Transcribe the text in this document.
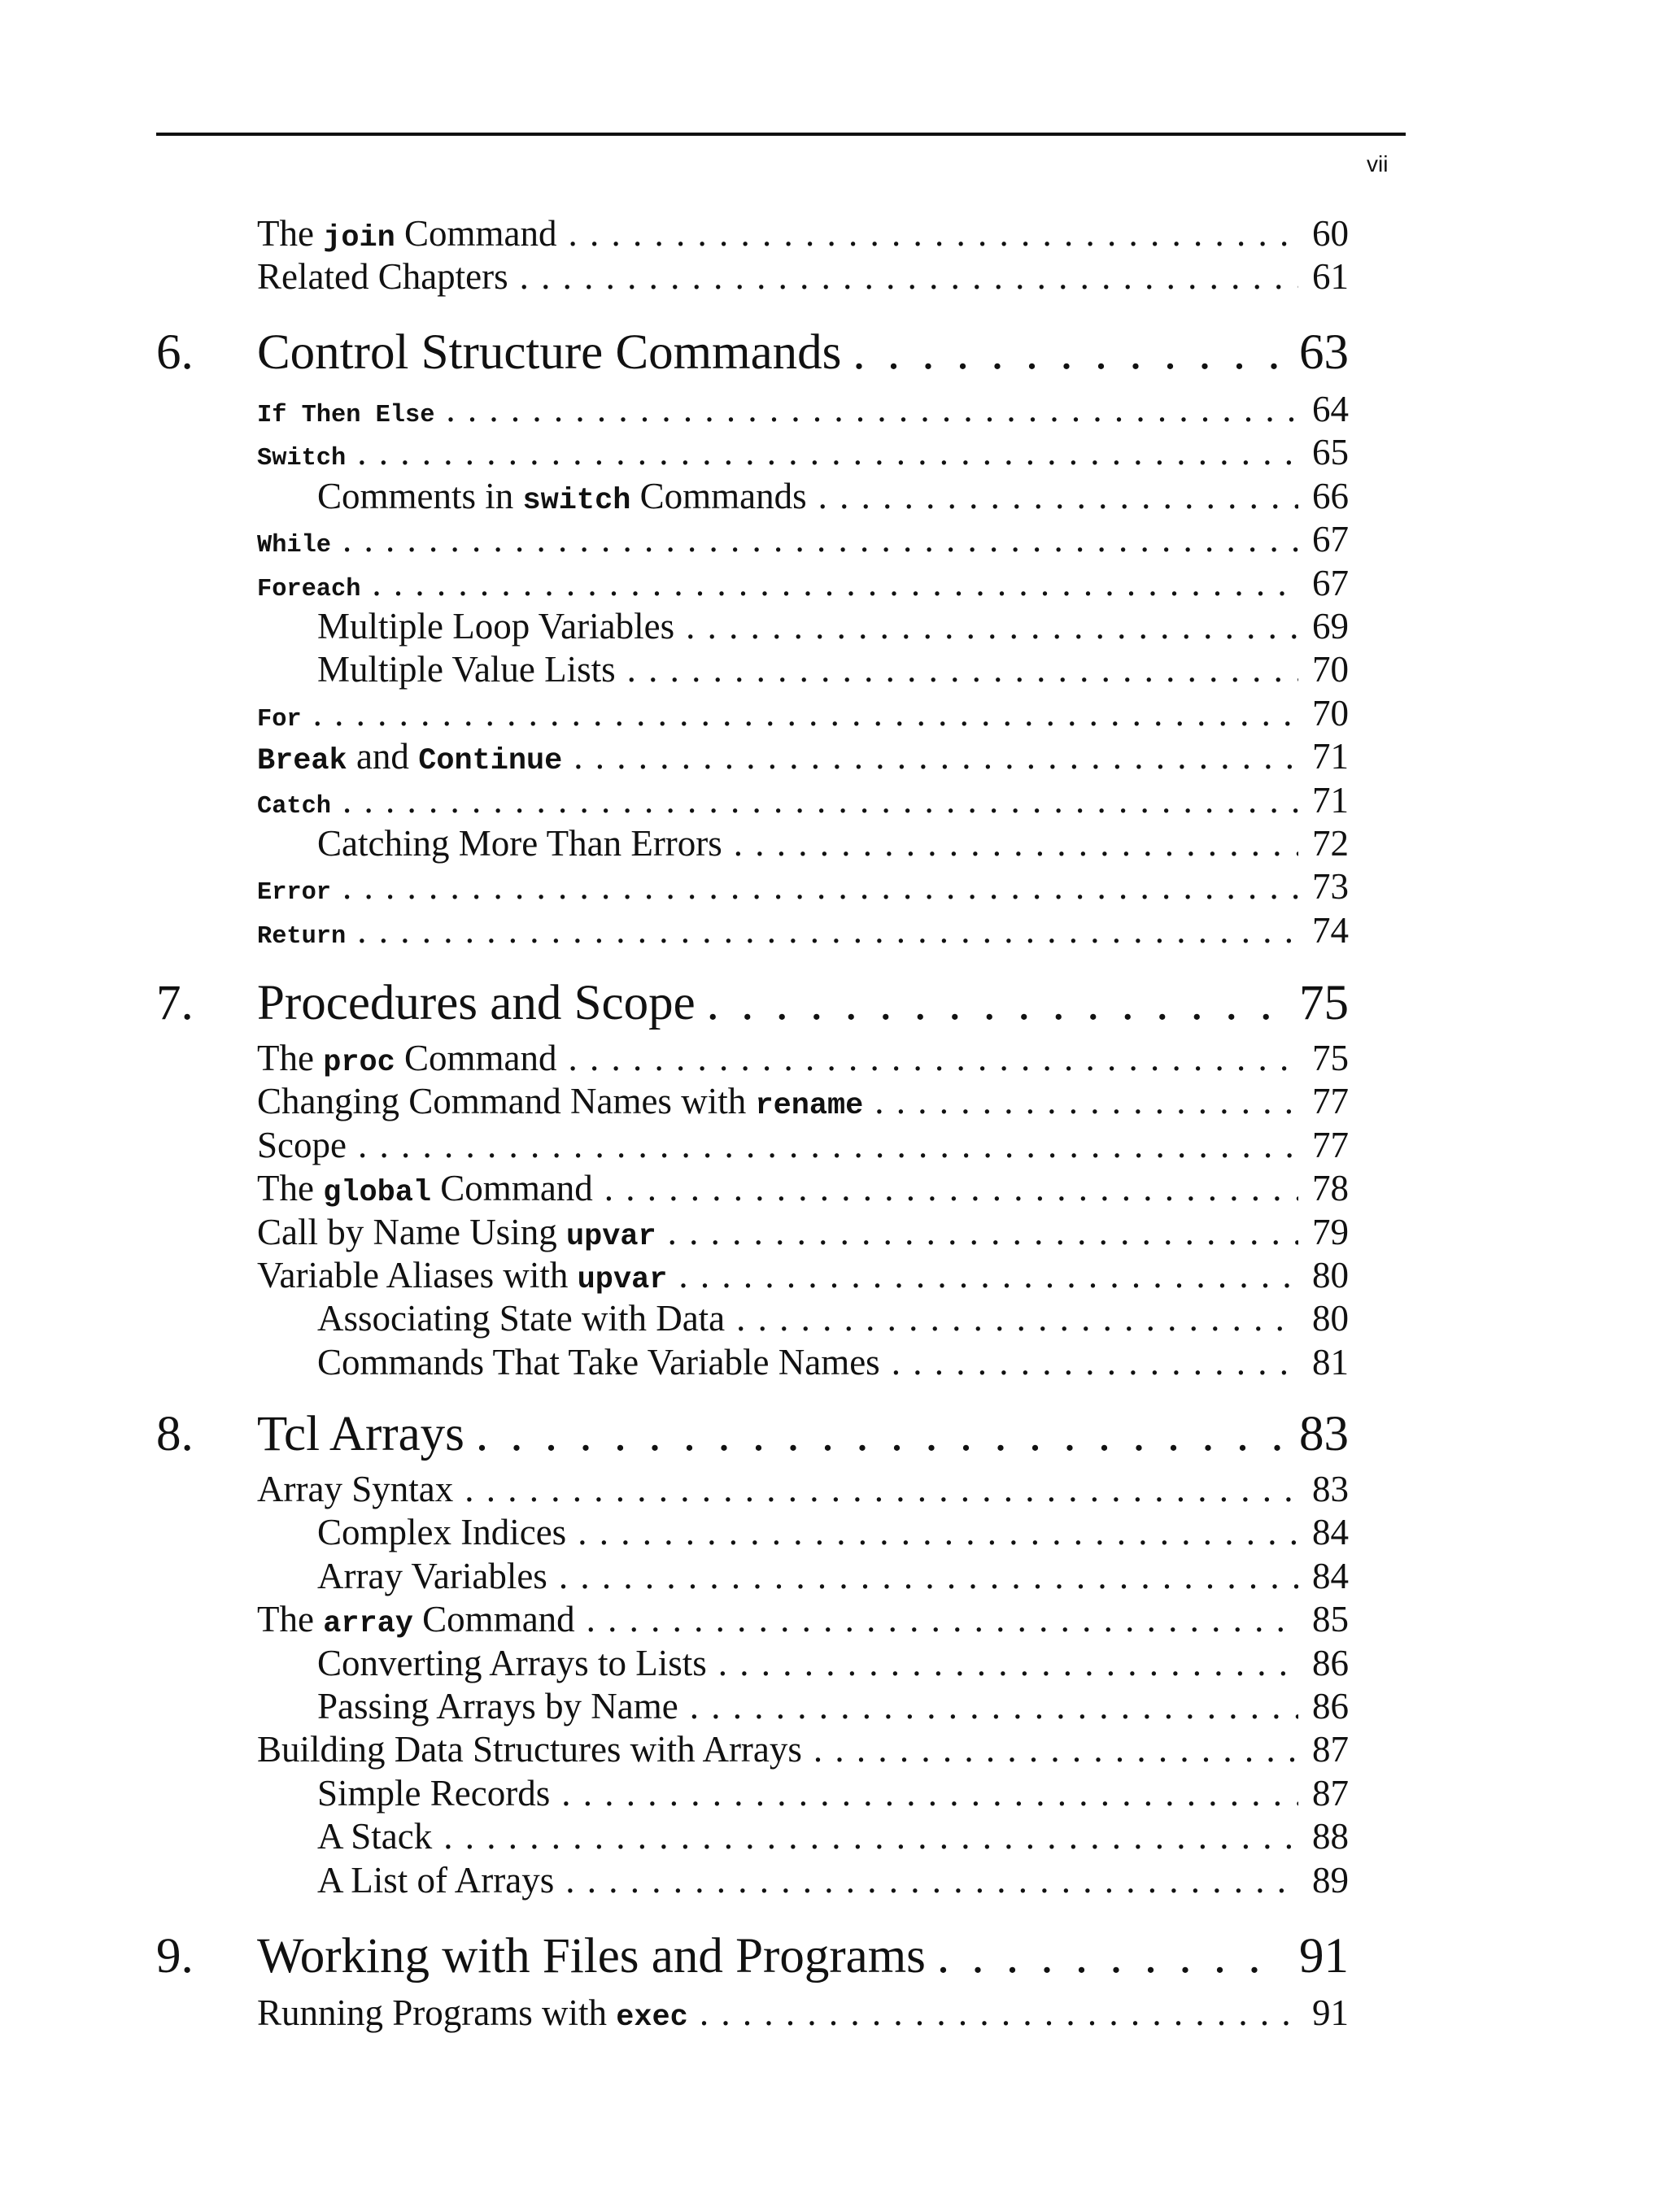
vii
The join Command . . .	60
Related Chapters . . .	61
6.	Control Structure Commands . . .	63
If Then Else . . .	64
Switch . . .	65
Comments in switch Commands . . .	66
While . . .	67
Foreach . . .	67
Multiple Loop Variables . . .	69
Multiple Value Lists . . .	70
For . . .	70
Break and Continue . . .	71
Catch . . .	71
Catching More Than Errors . . .	72
Error . . .	73
Return . . .	74
7.	Procedures and Scope . . .	75
The proc Command . . .	75
Changing Command Names with rename . . .	77
Scope . . .	77
The global Command . . .	78
Call by Name Using upvar . . .	79
Variable Aliases with upvar . . .	80
Associating State with Data . . .	80
Commands That Take Variable Names . . .	81
8.	Tcl Arrays . . .	83
Array Syntax . . .	83
Complex Indices . . .	84
Array Variables . . .	84
The array Command . . .	85
Converting Arrays to Lists . . .	86
Passing Arrays by Name . . .	86
Building Data Structures with Arrays . . .	87
Simple Records . . .	87
A Stack . . .	88
A List of Arrays . . .	89
9.	Working with Files and Programs . . .	91
Running Programs with exec . . .	91
